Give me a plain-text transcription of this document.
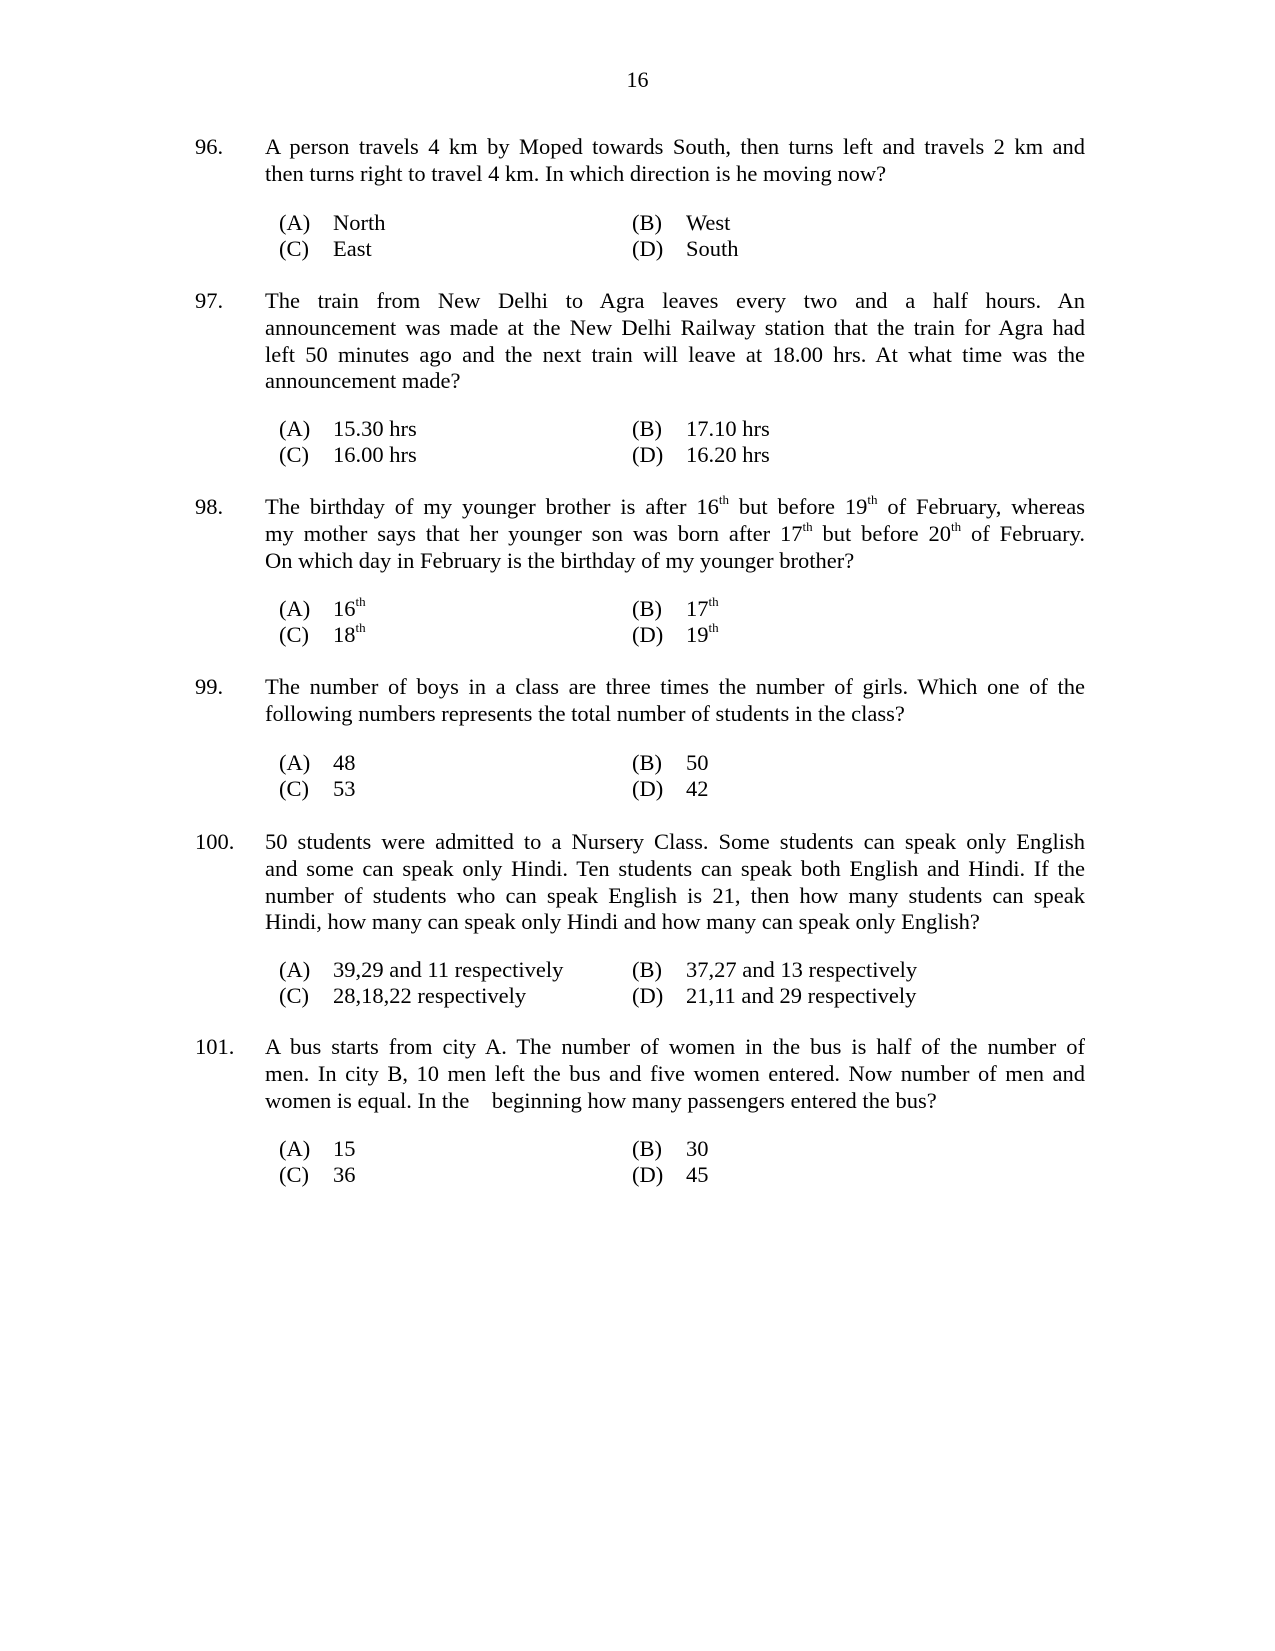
16
96. A person travels 4 km by Moped towards South, then turns left and travels 2 km and
then turns right to travel 4 km. In which direction is he moving now?
(A) North	(B) West
(C) East	(D) South
97. The train from New Delhi to Agra leaves every two and a half hours. An
announcement was made at the New Delhi Railway station that the train for Agra had
left 50 minutes ago and the next train will leave at 18.00 hrs. At what time was the
announcement made?
(A) 15.30 hrs	(B) 17.10 hrs
(C) 16.00 hrs	(D) 16.20 hrs
98. The birthday of my younger brother is after 16th but before 19th of February, whereas
my mother says that her younger son was born after 17th but before 20th of February.
On which day in February is the birthday of my younger brother?
(A) 16th	(B) 17th
(C) 18th	(D) 19th
99. The number of boys in a class are three times the number of girls. Which one of the
following numbers represents the total number of students in the class?
(A) 48	(B) 50
(C) 53	(D) 42
100. 50 students were admitted to a Nursery Class. Some students can speak only English
and some can speak only Hindi. Ten students can speak both English and Hindi. If the
number of students who can speak English is 21, then how many students can speak
Hindi, how many can speak only Hindi and how many can speak only English?
(A) 39,29 and 11 respectively	(B) 37,27 and 13 respectively
(C) 28,18,22 respectively	(D) 21,11 and 29 respectively
101. A bus starts from city A. The number of women in the bus is half of the number of
men. In city B, 10 men left the bus and five women entered. Now number of men and
women is equal. In the    beginning how many passengers entered the bus?
(A) 15	(B) 30
(C) 36	(D) 45
